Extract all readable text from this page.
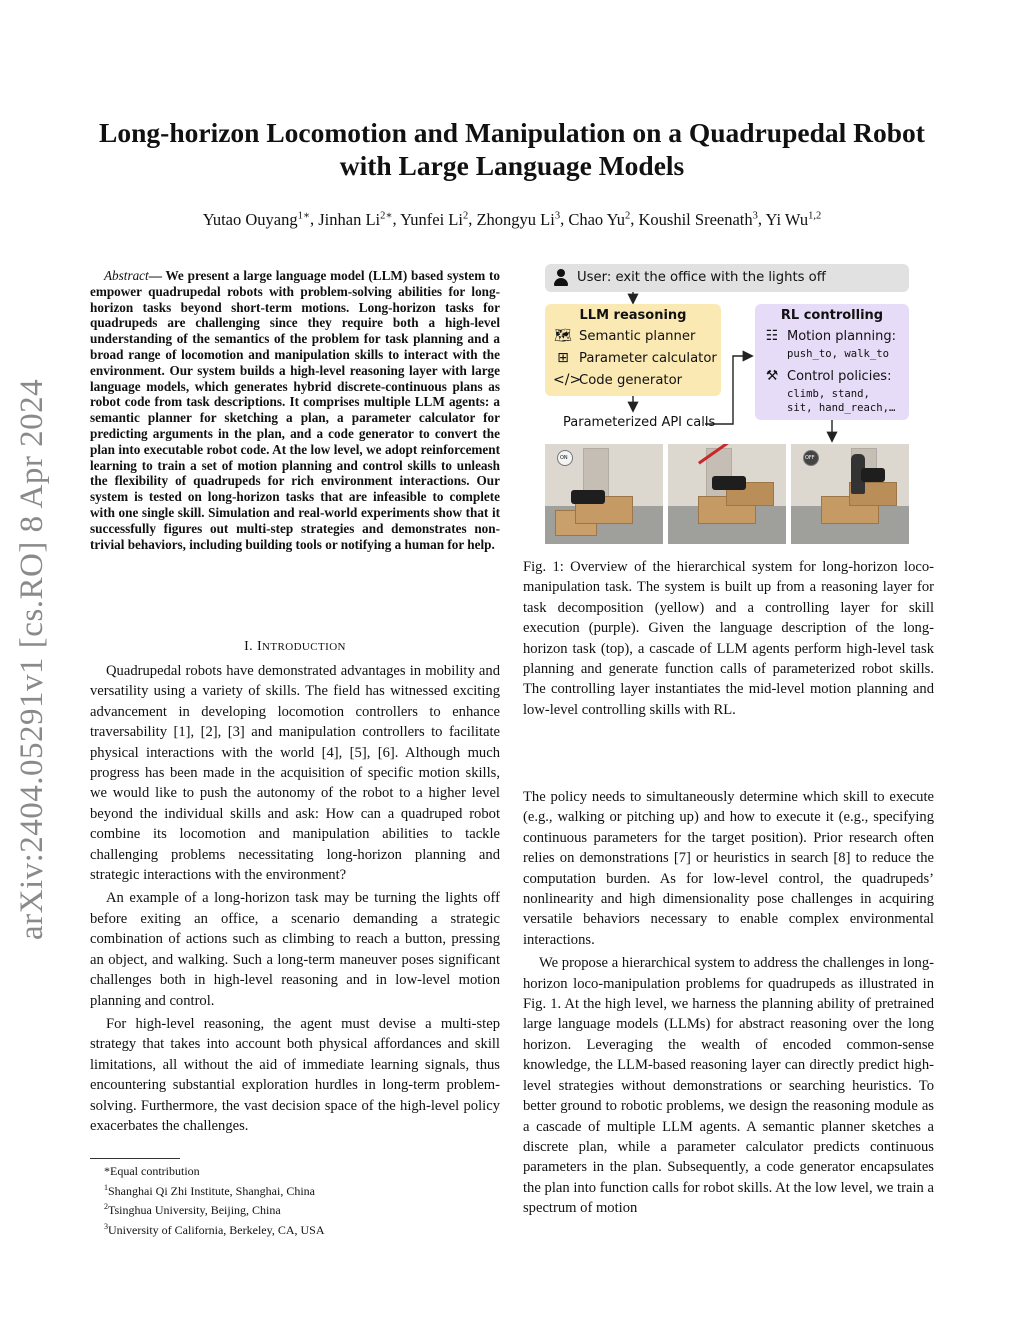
arXiv:2404.05291v1 [cs.RO] 8 Apr 2024
Long-horizon Locomotion and Manipulation on a Quadrupedal Robot
with Large Language Models
Yutao Ouyang$^{1∗}$, Jinhan $Li^{2∗}$, Yunfei Li$^2$, Zhongyu Li$^3$, Chao Yu$^2$, Koushil Sreenath$^3$, Yi Wu$^{1,2}$
Abstract— We present a large language model (LLM) based system to empower quadrupedal robots with problem-solving abilities for long-horizon tasks beyond short-term motions. Long-horizon tasks for quadrupeds are challenging since they require both a high-level understanding of the semantics of the problem for task planning and a broad range of locomotion and manipulation skills to interact with the environment. Our system builds a high-level reasoning layer with large language models, which generates hybrid discrete-continuous plans as robot code from task descriptions. It comprises multiple LLM agents: a semantic planner for sketching a plan, a parameter calculator for predicting arguments in the plan, and a code generator to convert the plan into executable robot code. At the low level, we adopt reinforcement learning to train a set of motion planning and control skills to unleash the flexibility of quadrupeds for rich environment interactions. Our system is tested on long-horizon tasks that are infeasible to complete with one single skill. Simulation and real-world experiments show that it successfully figures out multi-step strategies and demonstrates non-trivial behaviors, including building tools or notifying a human for help.
I. INTRODUCTION

Quadrupedal robots have demonstrated advantages in mobility and versatility using a variety of skills. The field has witnessed exciting advancement in developing locomotion controllers to enhance traversability [1], [2], [3] and manipulation controllers to facilitate physical interactions with the world [4], [5], [6]. Although much progress has been made in the acquisition of specific motion skills, we would like to push the autonomy of the robot to a higher level beyond the individual skills and ask: How can a quadruped robot combine its locomotion and manipulation abilities to tackle challenging problems necessitating long-horizon planning and strategic interactions with the environment?

An example of a long-horizon task may be turning the lights off before exiting an office, a scenario demanding a strategic combination of actions such as climbing to reach a button, pressing an object, and walking. Such a long-term maneuver poses significant challenges both in high-level reasoning and in low-level motion planning and control.

For high-level reasoning, the agent must devise a multi-step strategy that takes into account both physical affordances and skill limitations, all without the aid of immediate learning signals, thus encountering substantial exploration hurdles in long-term problem-solving. Furthermore, the vast decision space of the high-level policy exacerbates the challenges.

*Equal contribution
$^1$Shanghai Qi Zhi Institute, Shanghai, China
$^2$Tsinghua University, Beijing, China
$^3$University of California, Berkeley, CA, USA
User: exit the office with the lights off
LLM reasoning
🗺︎ Semantic planner
⊞ Parameter calculator
</>Code generator
RL controlling
☷ Motion planning:
push_to, walk_to
⚒ Control policies:
climb, stand,
sit, hand_reach,…
Parameterized API calls
ON	OFF
Fig. 1: Overview of the hierarchical system for long-horizon loco-manipulation task. The system is built up from a reasoning layer for task decomposition (yellow) and a controlling layer for skill execution (purple). Given the language description of the long-horizon task (top), a cascade of LLM agents perform high-level task planning and generate function calls of parameterized robot skills. The controlling layer instantiates the mid-level motion planning and low-level controlling skills with RL.

The policy needs to simultaneously determine which skill to execute (e.g., walking or pitching up) and how to execute it (e.g., specifying continuous parameters for the target position). Prior research often relies on demonstrations [7] or heuristics in search [8] to reduce the computation burden. As for low-level control, the quadrupeds’ nonlinearity and high dimensionality pose challenges in acquiring versatile behaviors necessary to enable complex environmental interactions.

We propose a hierarchical system to address the challenges in long-horizon loco-manipulation problems for quadrupeds as illustrated in Fig. 1. At the high level, we harness the planning ability of pretrained large language models (LLMs) for abstract reasoning over the long horizon. Leveraging the wealth of encoded common-sense knowledge, the LLM-based reasoning layer can directly predict high-level strategies without demonstrations or searching heuristics. To better ground to robotic problems, we design the reasoning module as a cascade of multiple LLM agents. A semantic planner sketches a discrete plan, while a parameter calculator predicts continuous parameters in the plan. Subsequently, a code generator encapsulates the plan into function calls for robot skills. At the low level, we train a spectrum of motion
